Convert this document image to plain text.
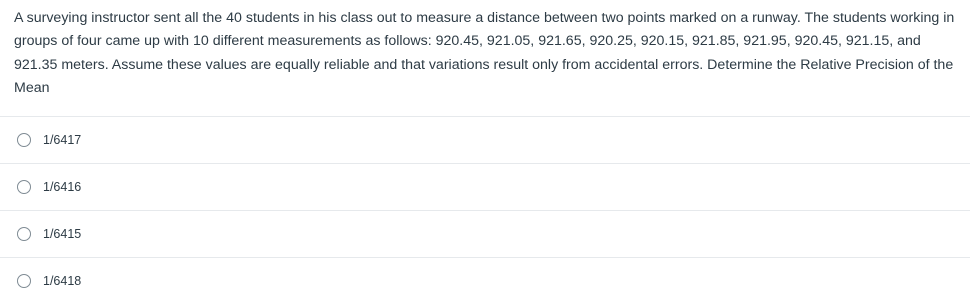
A surveying instructor sent all the 40 students in his class out to measure a distance between two points marked on a runway. The students working in groups of four came up with 10 different measurements as follows: 920.45, 921.05, 921.65, 920.25, 920.15, 921.85, 921.95, 920.45, 921.15, and 921.35 meters. Assume these values are equally reliable and that variations result only from accidental errors. Determine the Relative Precision of the Mean

1/6417
1/6416
1/6415
1/6418
